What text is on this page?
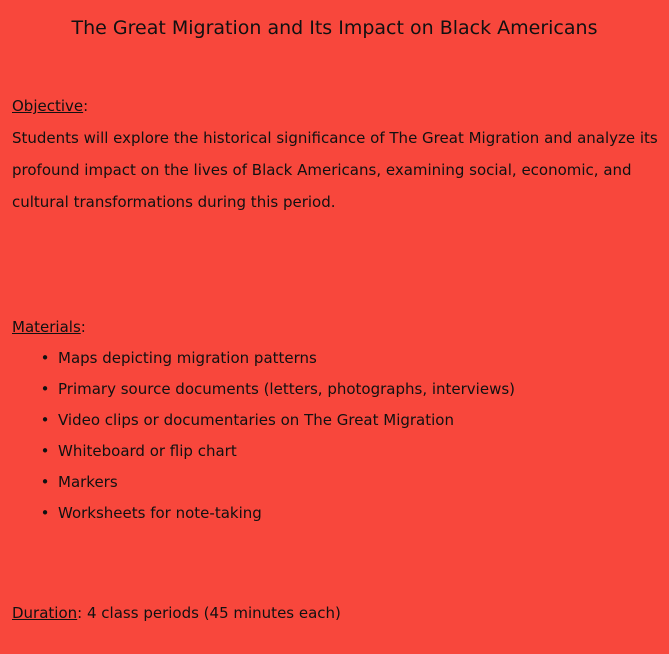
The Great Migration and Its Impact on Black Americans
Objective:

Students will explore the historical significance of The Great Migration and analyze its profound impact on the lives of Black Americans, examining social, economic, and cultural transformations during this period.

Materials:
• Maps depicting migration patterns
• Primary source documents (letters, photographs, interviews)
• Video clips or documentaries on The Great Migration
• Whiteboard or flip chart
• Markers
• Worksheets for note-taking
Duration: 4 class periods (45 minutes each)
